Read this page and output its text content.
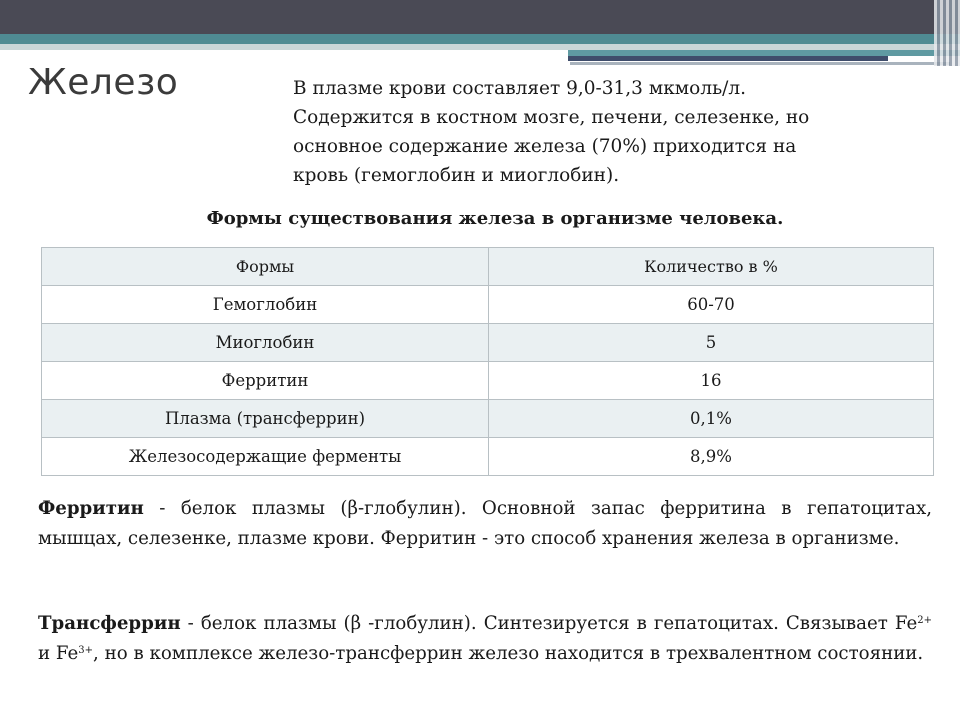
Железо	В плазме крови составляет 9,0-31,3 мкмоль/л.
Содержится в костном мозге, печени, селезенке, но
основное содержание железа (70%) приходится на
кровь (гемоглобин и миоглобин).
Формы существования железа в организме человека.
Формы	Количество в %
Гемоглобин	60-70
Миоглобин	5
Ферритин	16
Плазма (трансферрин)	0,1%
Железосодержащие ферменты	8,9%
Ферритин - белок плазмы (β-глобулин). Основной запас ферритина в гепатоцитах, мышцах, селезенке, плазме крови. Ферритин - это способ хранения железа в организме.
Трансферрин - белок плазмы (β -глобулин). Синтезируется в гепатоцитах. Связывает $Fe^{2+}$ и $Fe^{3+}$, но в комплексе железо-трансферрин железо находится в трехвалентном состоянии.
